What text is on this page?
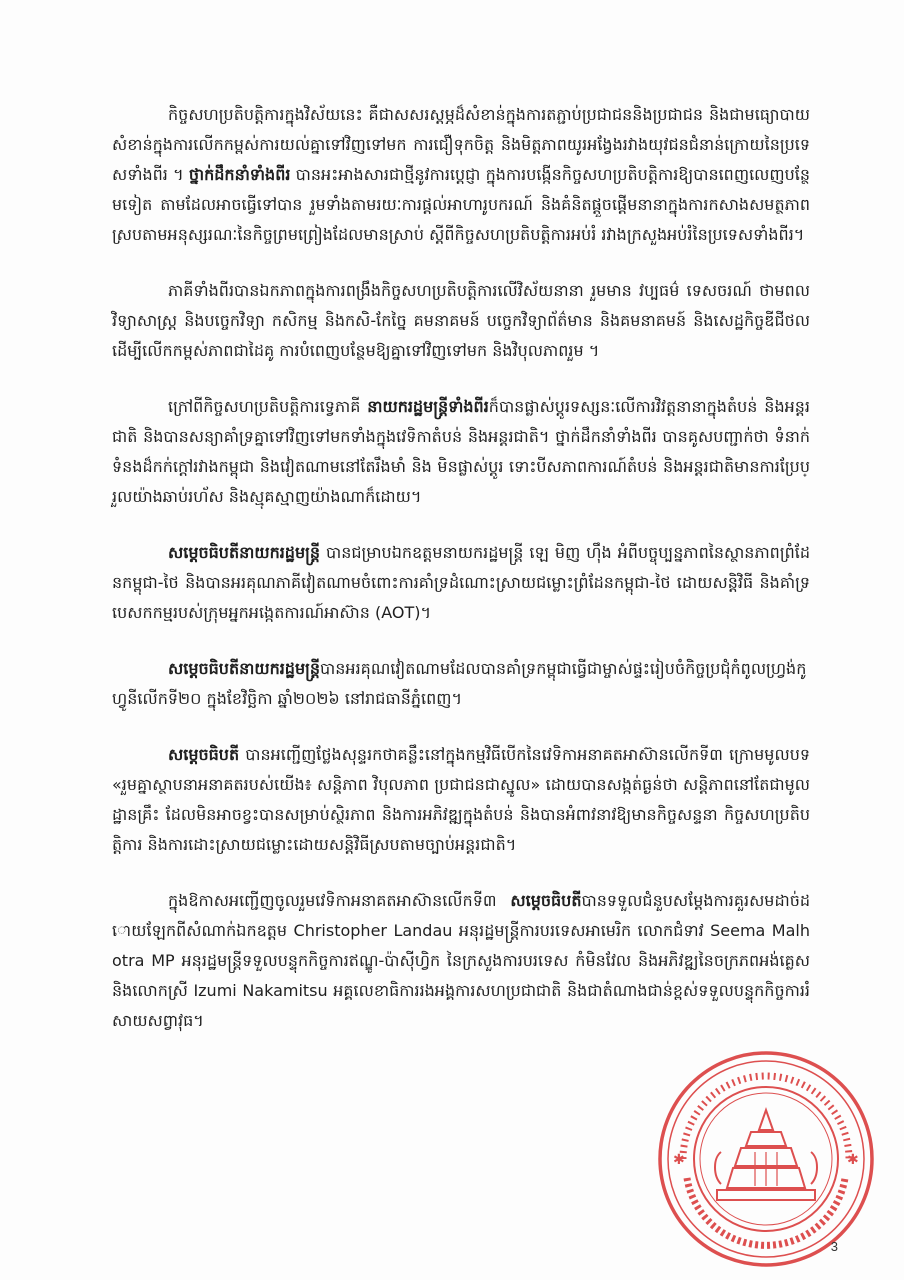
កិច្ចសហប្រតិបត្តិការក្នុងវិស័យនេះ គឺជាសសរស្តម្ភដ៏សំខាន់ក្នុងការតភ្ជាប់ប្រជាជននិងប្រជាជន និងជាមធ្យោបាយសំខាន់ក្នុងការលើកកម្ពស់ការយល់គ្នាទៅវិញទៅមក ការជឿទុកចិត្ត និងមិត្តភាពយូរអង្វែងរវាងយុវជនជំនាន់ក្រោយនៃប្រទេសទាំងពីរ ។ ថ្នាក់ដឹកនាំទាំងពីរ បានអះអាងសារជាថ្មីនូវការប្តេជ្ញា ក្នុងការបង្កើនកិច្ចសហប្រតិបត្តិការឱ្យបានពេញលេញបន្ថែមទៀត តាមដែលអាចធ្វើទៅបាន រួមទាំងតាមរយៈការផ្តល់អាហារូបករណ៍ និងគំនិតផ្តួចផ្តើមនានាក្នុងការកសាងសមត្ថភាព ស្របតាមអនុស្សរណៈនៃកិច្ចព្រមព្រៀងដែលមានស្រាប់ ស្តីពីកិច្ចសហប្រតិបត្តិការអប់រំ រវាងក្រសួងអប់រំនៃប្រទេសទាំងពីរ។

ភាគីទាំងពីរបានឯកភាពក្នុងការពង្រឹងកិច្ចសហប្រតិបត្តិការលើវិស័យនានា រួមមាន វប្បធម៌ ទេសចរណ៍ ថាមពល វិទ្យាសាស្ត្រ និងបច្ចេកវិទ្យា កសិកម្ម និងកសិ-កែច្នៃ គមនាគមន៍ បច្ចេកវិទ្យាព័ត៌មាន និងគមនាគមន៍ និងសេដ្ឋកិច្ចឌីជីថល ដើម្បីលើកកម្ពស់ភាពជាដៃគូ ការបំពេញបន្ថែមឱ្យគ្នាទៅវិញទៅមក និងវិបុលភាពរួម ។

ក្រៅពីកិច្ចសហប្រតិបត្តិការទ្វេភាគី នាយករដ្ឋមន្ត្រីទាំងពីរក៏បានផ្លាស់ប្តូរទស្សនៈលើការវិវត្តនានាក្នុងតំបន់ និងអន្តរជាតិ និងបានសន្យាគាំទ្រគ្នាទៅវិញទៅមកទាំងក្នុងវេទិកាតំបន់ និងអន្តរជាតិ។ ថ្នាក់ដឹកនាំទាំងពីរ បានគូសបញ្ជាក់ថា ទំនាក់ទំនងដ៏កក់ក្តៅរវាងកម្ពុជា និងវៀតណាមនៅតែរឹងមាំ និង មិនផ្លាស់ប្តូរ ទោះបីសភាពការណ៍តំបន់ និងអន្តរជាតិមានការប្រែប្រួលយ៉ាងឆាប់រហ័ស និងស្មុគស្មាញយ៉ាងណាក៏ដោយ។

សម្តេចធិបតីនាយករដ្ឋមន្ត្រី បានជម្រាបឯកឧត្តមនាយករដ្ឋមន្ត្រី ឡេ មិញ ហ៊ឹង អំពីបច្ចុប្បន្នភាពនៃស្ថានភាពព្រំដែនកម្ពុជា-ថៃ និងបានអរគុណភាគីវៀតណាមចំពោះការគាំទ្រដំណោះស្រាយជម្លោះព្រំដែនកម្ពុជា-ថៃ ដោយសន្តិវិធី និងគាំទ្របេសកកម្មរបស់ក្រុមអ្នកអង្កេតការណ៍អាស៊ាន (AOT)។

សម្តេចធិបតីនាយករដ្ឋមន្ត្រីបានអរគុណវៀតណាមដែលបានគាំទ្រកម្ពុជាធ្វើជាម្ចាស់ផ្ទះរៀបចំកិច្ចប្រជុំកំពូលហ្វ្រង់កូហ្វូនីលើកទី២០ ក្នុងខែវិច្ឆិកា ឆ្នាំ២០២៦ នៅរាជធានីភ្នំពេញ។

សម្តេចធិបតី បានអញ្ជើញថ្លែងសុន្ទរកថាគន្លឹះនៅក្នុងកម្មវិធីបើកនៃវេទិកាអនាគតអាស៊ានលើកទី៣ ក្រោមមូលបទ «រួមគ្នាស្ថាបនាអនាគតរបស់យើង៖ សន្តិភាព វិបុលភាព ប្រជាជនជាស្នូល» ដោយបានសង្កត់ធ្ងន់ថា សន្តិភាពនៅតែជាមូលដ្ឋានគ្រឹះ ដែលមិនអាចខ្វះបានសម្រាប់ស្ថិរភាព និងការអភិវឌ្ឍក្នុងតំបន់ និងបានអំពាវនាវឱ្យមានកិច្ចសន្ទនា កិច្ចសហប្រតិបត្តិការ និងការដោះស្រាយជម្លោះដោយសន្តិវិធីស្របតាមច្បាប់អន្តរជាតិ។

ក្នុងឱកាសអញ្ជើញចូលរួមវេទិកាអនាគតអាស៊ានលើកទី៣ សម្តេចធិបតីបានទទួលជំនួបសម្តែងការគួរសមដាច់ដោយឡែកពីសំណាក់ឯកឧត្តម Christopher Landau អនុរដ្ឋមន្ត្រីការបរទេសអាមេរិក លោកជំទាវ Seema Malhotra MP អនុរដ្ឋមន្ត្រីទទួលបន្ទុកកិច្ចការឥណ្ឌូ-ប៉ាស៊ីហ្វិក នៃក្រសួងការបរទេស កំមិនវែល និងអភិវឌ្ឍនៃចក្រភពអង់គ្លេស និងលោកស្រី Izumi Nakamitsu អគ្គលេខាធិការរងអង្គការសហប្រជាជាតិ និងជាតំណាងជាន់ខ្ពស់ទទួលបន្ទុកកិច្ចការរំសាយសព្វាវុធ។

✱	✱
3
